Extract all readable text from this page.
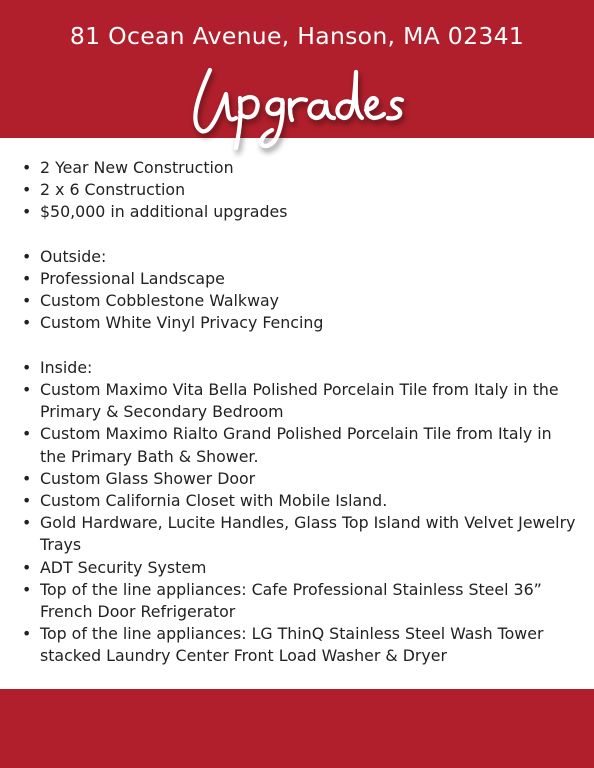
81 Ocean Avenue, Hanson, MA 02341
Upgrades
• 2 Year New Construction
• 2 x 6 Construction
• $50,000 in additional upgrades
• Outside:
• Professional Landscape
• Custom Cobblestone Walkway
• Custom White Vinyl Privacy Fencing
• Inside:
• Custom Maximo Vita Bella Polished Porcelain Tile from Italy in the Primary & Secondary Bedroom
• Custom Maximo Rialto Grand Polished Porcelain Tile from Italy in the Primary Bath & Shower.
• Custom Glass Shower Door
• Custom California Closet with Mobile Island.
• Gold Hardware, Lucite Handles, Glass Top Island with Velvet Jewelry Trays
• ADT Security System
• Top of the line appliances: Cafe Professional Stainless Steel 36” French Door Refrigerator
• Top of the line appliances: LG ThinQ Stainless Steel Wash Tower stacked Laundry Center Front Load Washer & Dryer
